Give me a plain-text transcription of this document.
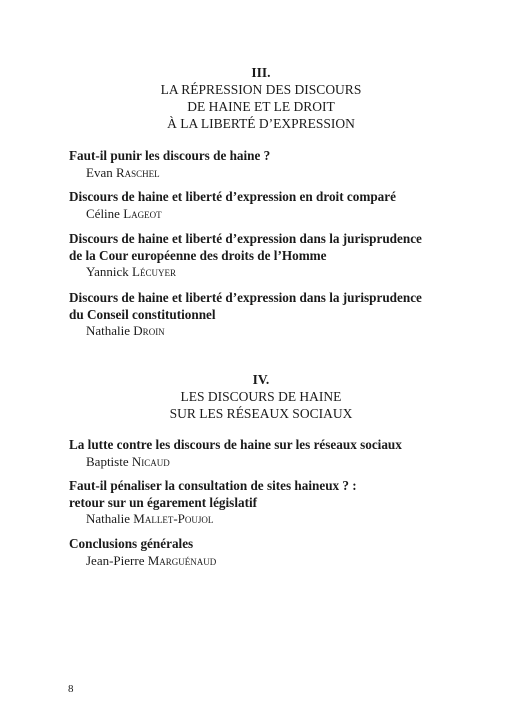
III.
LA RÉPRESSION DES DISCOURS
DE HAINE ET LE DROIT
À LA LIBERTÉ D’EXPRESSION
Faut-il punir les discours de haine ?
Evan Raschel
Discours de haine et liberté d’expression en droit comparé
Céline Lageot
Discours de haine et liberté d’expression dans la jurisprudence
de la Cour européenne des droits de l’Homme
Yannick Lécuyer
Discours de haine et liberté d’expression dans la jurisprudence
du Conseil constitutionnel
Nathalie Droin
IV.
LES DISCOURS DE HAINE
SUR LES RÉSEAUX SOCIAUX
La lutte contre les discours de haine sur les réseaux sociaux
Baptiste Nicaud
Faut-il pénaliser la consultation de sites haineux ? :
retour sur un égarement législatif
Nathalie Mallet-Poujol
Conclusions générales
Jean-Pierre Marguénaud
8
